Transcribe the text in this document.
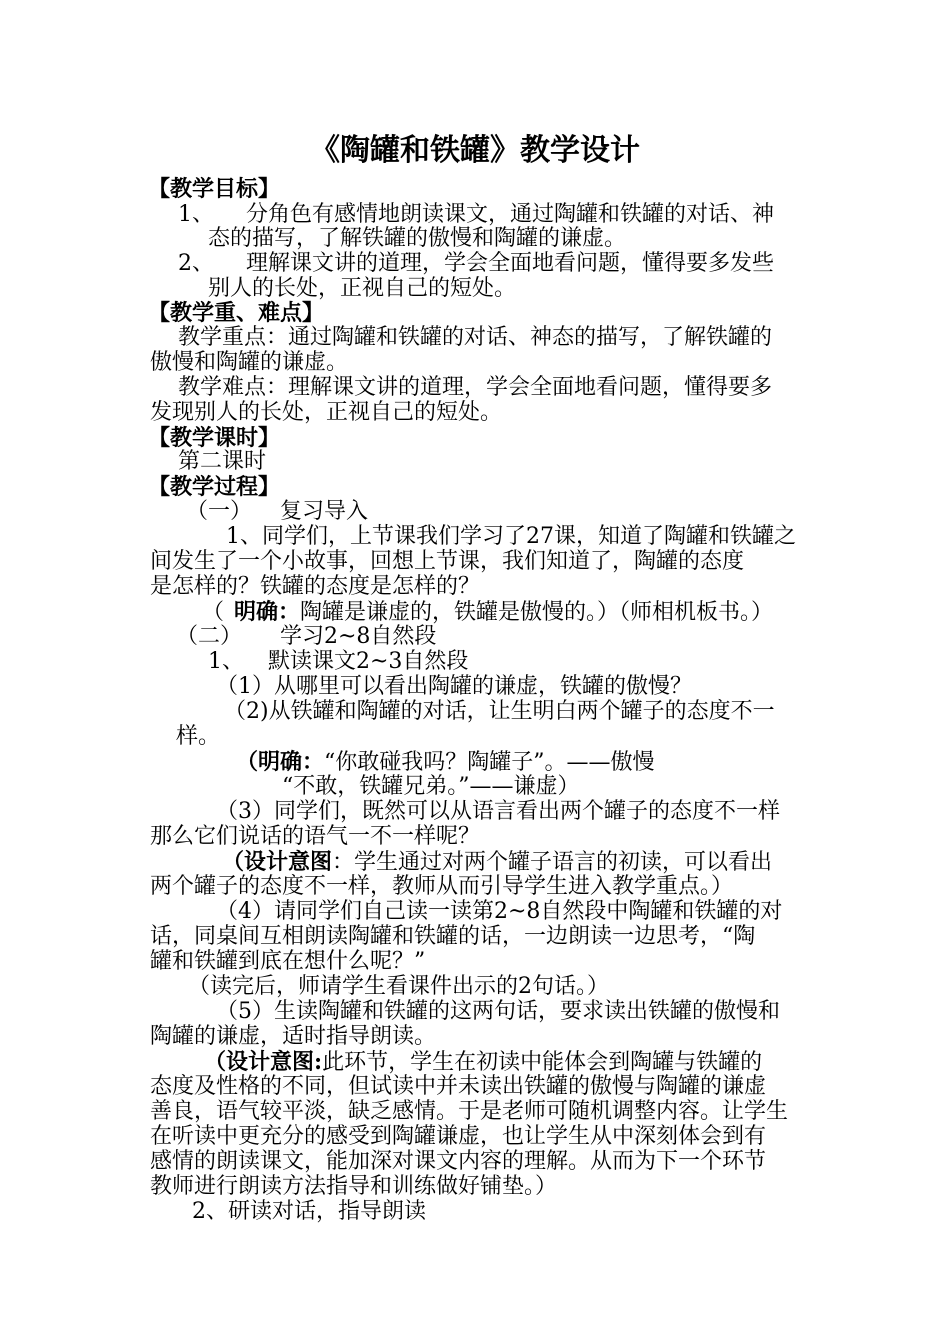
《陶罐和铁罐》教学设计
【教学目标】
1、 分角色有感情地朗读课文，通过陶罐和铁罐的对话、神
态的描写，了解铁罐的傲慢和陶罐的谦虚。
2、 理解课文讲的道理，学会全面地看问题，懂得要多发些
别人的长处，正视自己的短处。
【教学重、难点】
教学重点：通过陶罐和铁罐的对话、神态的描写，了解铁罐的
傲慢和陶罐的谦虚。
教学难点：理解课文讲的道理，学会全面地看问题，懂得要多
发现别人的长处，正视自己的短处。
【教学课时】
第二课时
【教学过程】
（一） 复习导入
1、同学们，上节课我们学习了27课，知道了陶罐和铁罐之
间发生了一个小故事，回想上节课，我们知道了，陶罐的态度
是怎样的？铁罐的态度是怎样的？
（ 明确：陶罐是谦虚的，铁罐是傲慢的。）（师相机板书。）
（二） 学习2~8自然段
1、 默读课文2~3自然段
（1）从哪里可以看出陶罐的谦虚，铁罐的傲慢？
（2)从铁罐和陶罐的对话，让生明白两个罐子的态度不一
样。
（明确：“你敢碰我吗？陶罐子”。——傲慢
“不敢，铁罐兄弟。”——谦虚）
（3）同学们，既然可以从语言看出两个罐子的态度不一样
那么它们说话的语气一不一样呢？
（设计意图：学生通过对两个罐子语言的初读，可以看出
两个罐子的态度不一样，教师从而引导学生进入教学重点。）
（4）请同学们自己读一读第2~8自然段中陶罐和铁罐的对
话，同桌间互相朗读陶罐和铁罐的话，一边朗读一边思考，“陶
罐和铁罐到底在想什么呢？”
（读完后，师请学生看课件出示的2句话。）
（5）生读陶罐和铁罐的这两句话，要求读出铁罐的傲慢和
陶罐的谦虚，适时指导朗读。
（设计意图:此环节，学生在初读中能体会到陶罐与铁罐的
态度及性格的不同，但试读中并未读出铁罐的傲慢与陶罐的谦虚
善良，语气较平淡，缺乏感情。于是老师可随机调整内容。让学生
在听读中更充分的感受到陶罐谦虚，也让学生从中深刻体会到有
感情的朗读课文，能加深对课文内容的理解。从而为下一个环节
教师进行朗读方法指导和训练做好铺垫。）
2、研读对话，指导朗读
